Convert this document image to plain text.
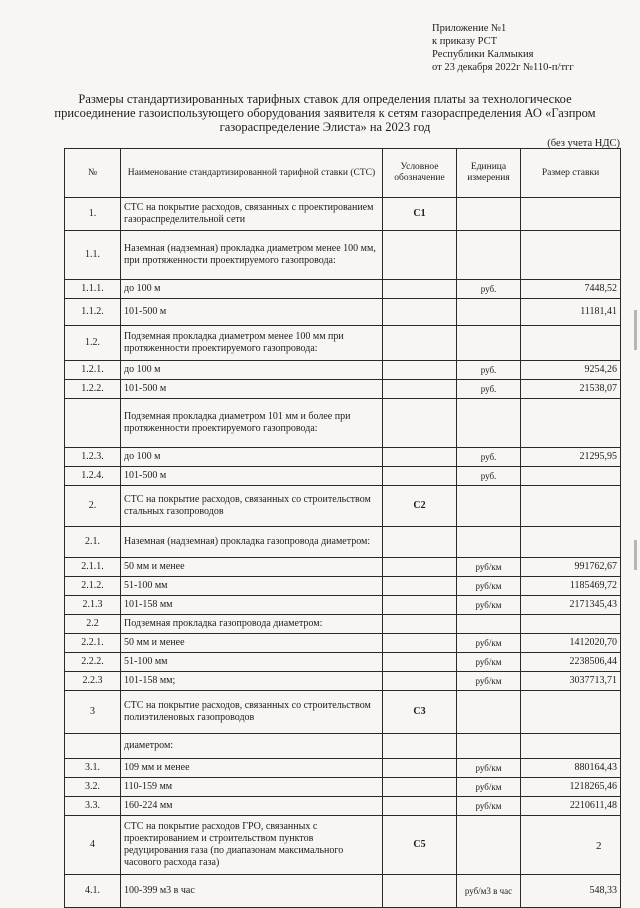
Приложение №1
к приказу РСТ
Республики Калмыкия
от 23 декабря 2022г №110-п/тгг
Размеры стандартизированных тарифных ставок для определения платы за технологическое присоединение газоиспользующего оборудования заявителя к сетям газораспределения АО «Газпром газораспределение Элиста» на 2023 год
(без учета НДС)
№	Наименование стандартизированной тарифной ставки (СТС)	Условное обозначение	Единица измерения	Размер ставки
1.	СТС на покрытие расходов, связанных с проектированием газораспределительной сети	С1		
1.1.	Наземная (надземная) прокладка диаметром менее 100 мм, при протяженности проектируемого газопровода:			
1.1.1.	до 100 м		руб.	7448,52
1.1.2.	101-500 м			11181,41
1.2.	Подземная прокладка диаметром менее 100 мм при протяженности проектируемого газопровода:			
1.2.1.	до 100 м		руб.	9254,26
1.2.2.	101-500 м		руб.	21538,07
	Подземная прокладка диаметром 101 мм и более при протяженности проектируемого газопровода:			
1.2.3.	до 100 м		руб.	21295,95
1.2.4.	101-500 м		руб.	
2.	СТС на покрытие расходов, связанных со строительством стальных газопроводов	С2		
2.1.	Наземная (надземная) прокладка газопровода диаметром:			
2.1.1.	50 мм и менее		руб/км	991762,67
2.1.2.	51-100 мм		руб/км	1185469,72
2.1.3	101-158 мм		руб/км	2171345,43
2.2	Подземная прокладка газопровода диаметром:			
2.2.1.	50 мм и менее		руб/км	1412020,70
2.2.2.	51-100 мм		руб/км	2238506,44
2.2.3	101-158 мм;		руб/км	3037713,71
3	СТС на покрытие расходов, связанных со строительством полиэтиленовых газопроводов	С3		
	диаметром:			
3.1.	109 мм и менее		руб/км	880164,43
3.2.	110-159 мм		руб/км	1218265,46
3.3.	160-224 мм		руб/км	2210611,48
4	СТС на покрытие расходов ГРО, связанных с проектированием и строительством пунктов редуцирования газа (по диапазонам максимального часового расхода газа)	С5		
4.1.	100-399 м3 в час		руб/м3 в час	548,33
2
